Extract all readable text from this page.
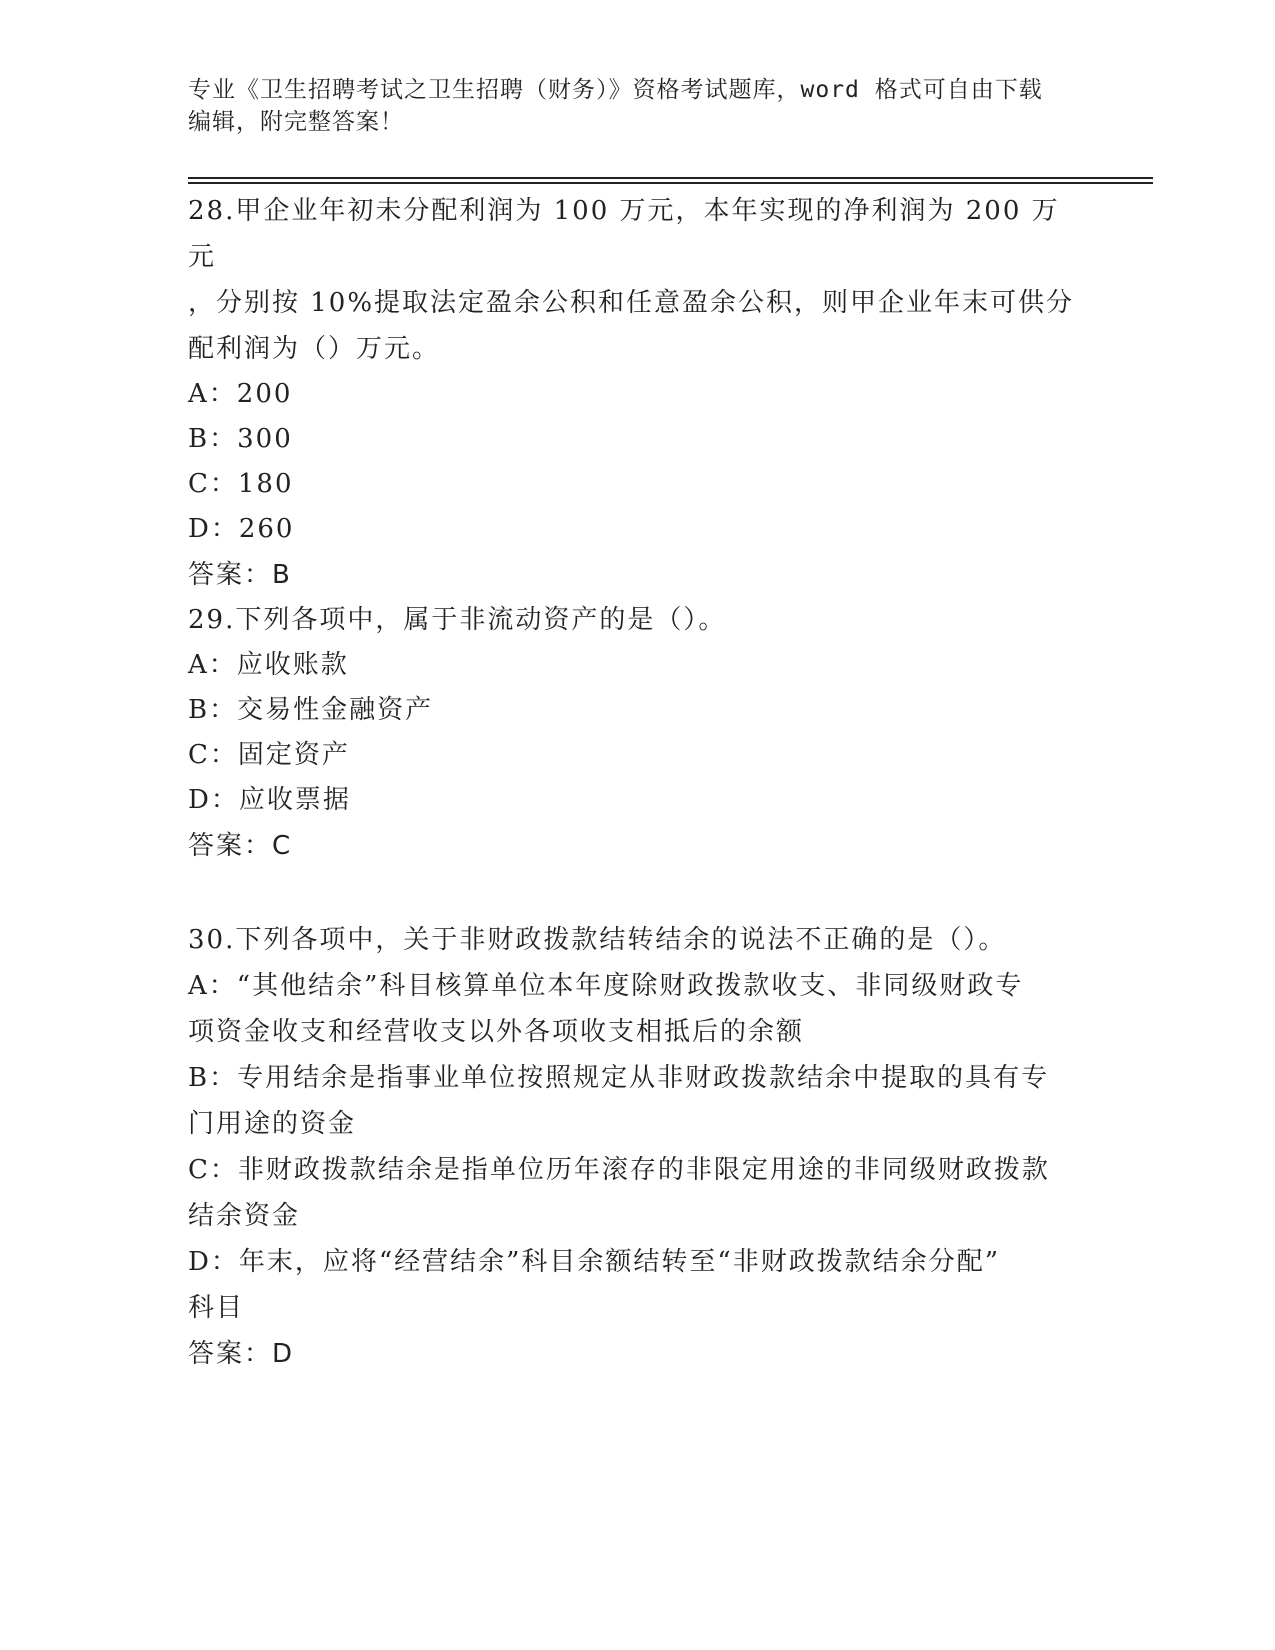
专业《卫生招聘考试之卫生招聘（财务）》资格考试题库，word 格式可自由下载
编辑，附完整答案！

28.甲企业年初未分配利润为 100 万元，本年实现的净利润为 200 万元

，分别按 10%提取法定盈余公积和任意盈余公积，则甲企业年末可供分

配利润为（）万元。

A：200

B：300

C：180

D：260

答案：B

29.下列各项中，属于非流动资产的是（）。

A：应收账款

B：交易性金融资产

C：固定资产

D：应收票据

答案：C

30.下列各项中，关于非财政拨款结转结余的说法不正确的是（）。

A：“其他结余”科目核算单位本年度除财政拨款收支、非同级财政专

项资金收支和经营收支以外各项收支相抵后的余额

B：专用结余是指事业单位按照规定从非财政拨款结余中提取的具有专

门用途的资金

C：非财政拨款结余是指单位历年滚存的非限定用途的非同级财政拨款

结余资金

D：年末，应将“经营结余”科目余额结转至“非财政拨款结余分配”

科目

答案：D
